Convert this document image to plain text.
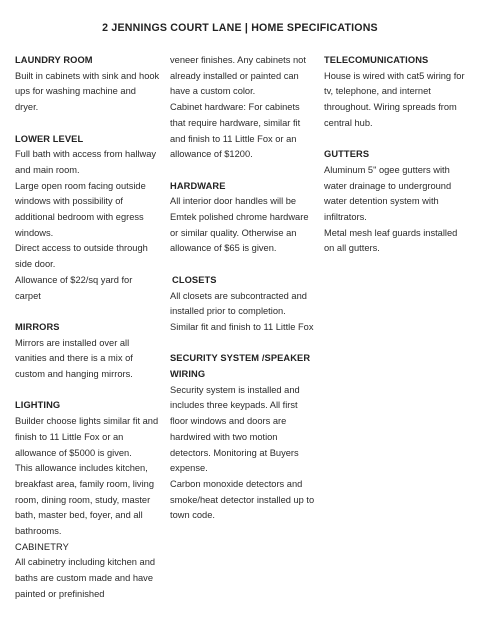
2 JENNINGS COURT LANE | HOME SPECIFICATIONS
LAUNDRY ROOM

Built in cabinets with sink and hook ups for washing machine and dryer.

LOWER LEVEL

Full bath with access from hallway and main room.

Large open room facing outside windows with possibility of additional bedroom with egress windows.

Direct access to outside through side door.

Allowance of $22/sq yard for carpet

MIRRORS

Mirrors are installed over all vanities and there is a mix of custom and hanging mirrors.

LIGHTING

Builder choose lights similar fit and finish to 11 Little Fox or an allowance of $5000 is given.

This allowance includes kitchen, breakfast area, family room, living room, dining room, study, master bath, master bed, foyer, and all bathrooms.

CABINETRY

All cabinetry including kitchen and baths are custom made and have painted or prefinished

veneer finishes. Any cabinets not already installed or painted can have a custom color.

Cabinet hardware: For cabinets that require hardware, similar fit and finish to 11 Little Fox or an allowance of $1200.

HARDWARE

All interior door handles will be Emtek polished chrome hardware or similar quality. Otherwise an allowance of $65 is given.

CLOSETS

All closets are subcontracted and installed prior to completion. Similar fit and finish to 11 Little Fox

SECURITY SYSTEM /SPEAKER WIRING

Security system is installed and includes three keypads. All first floor windows and doors are hardwired with two motion detectors. Monitoring at Buyers expense.

Carbon monoxide detectors and smoke/heat detector installed up to town code.

TELECOMUNICATIONS

House is wired with cat5 wiring for tv, telephone, and internet throughout. Wiring spreads from central hub.

GUTTERS

Aluminum 5" ogee gutters with water drainage to underground water detention system with infiltrators.

Metal mesh leaf guards installed on all gutters.
